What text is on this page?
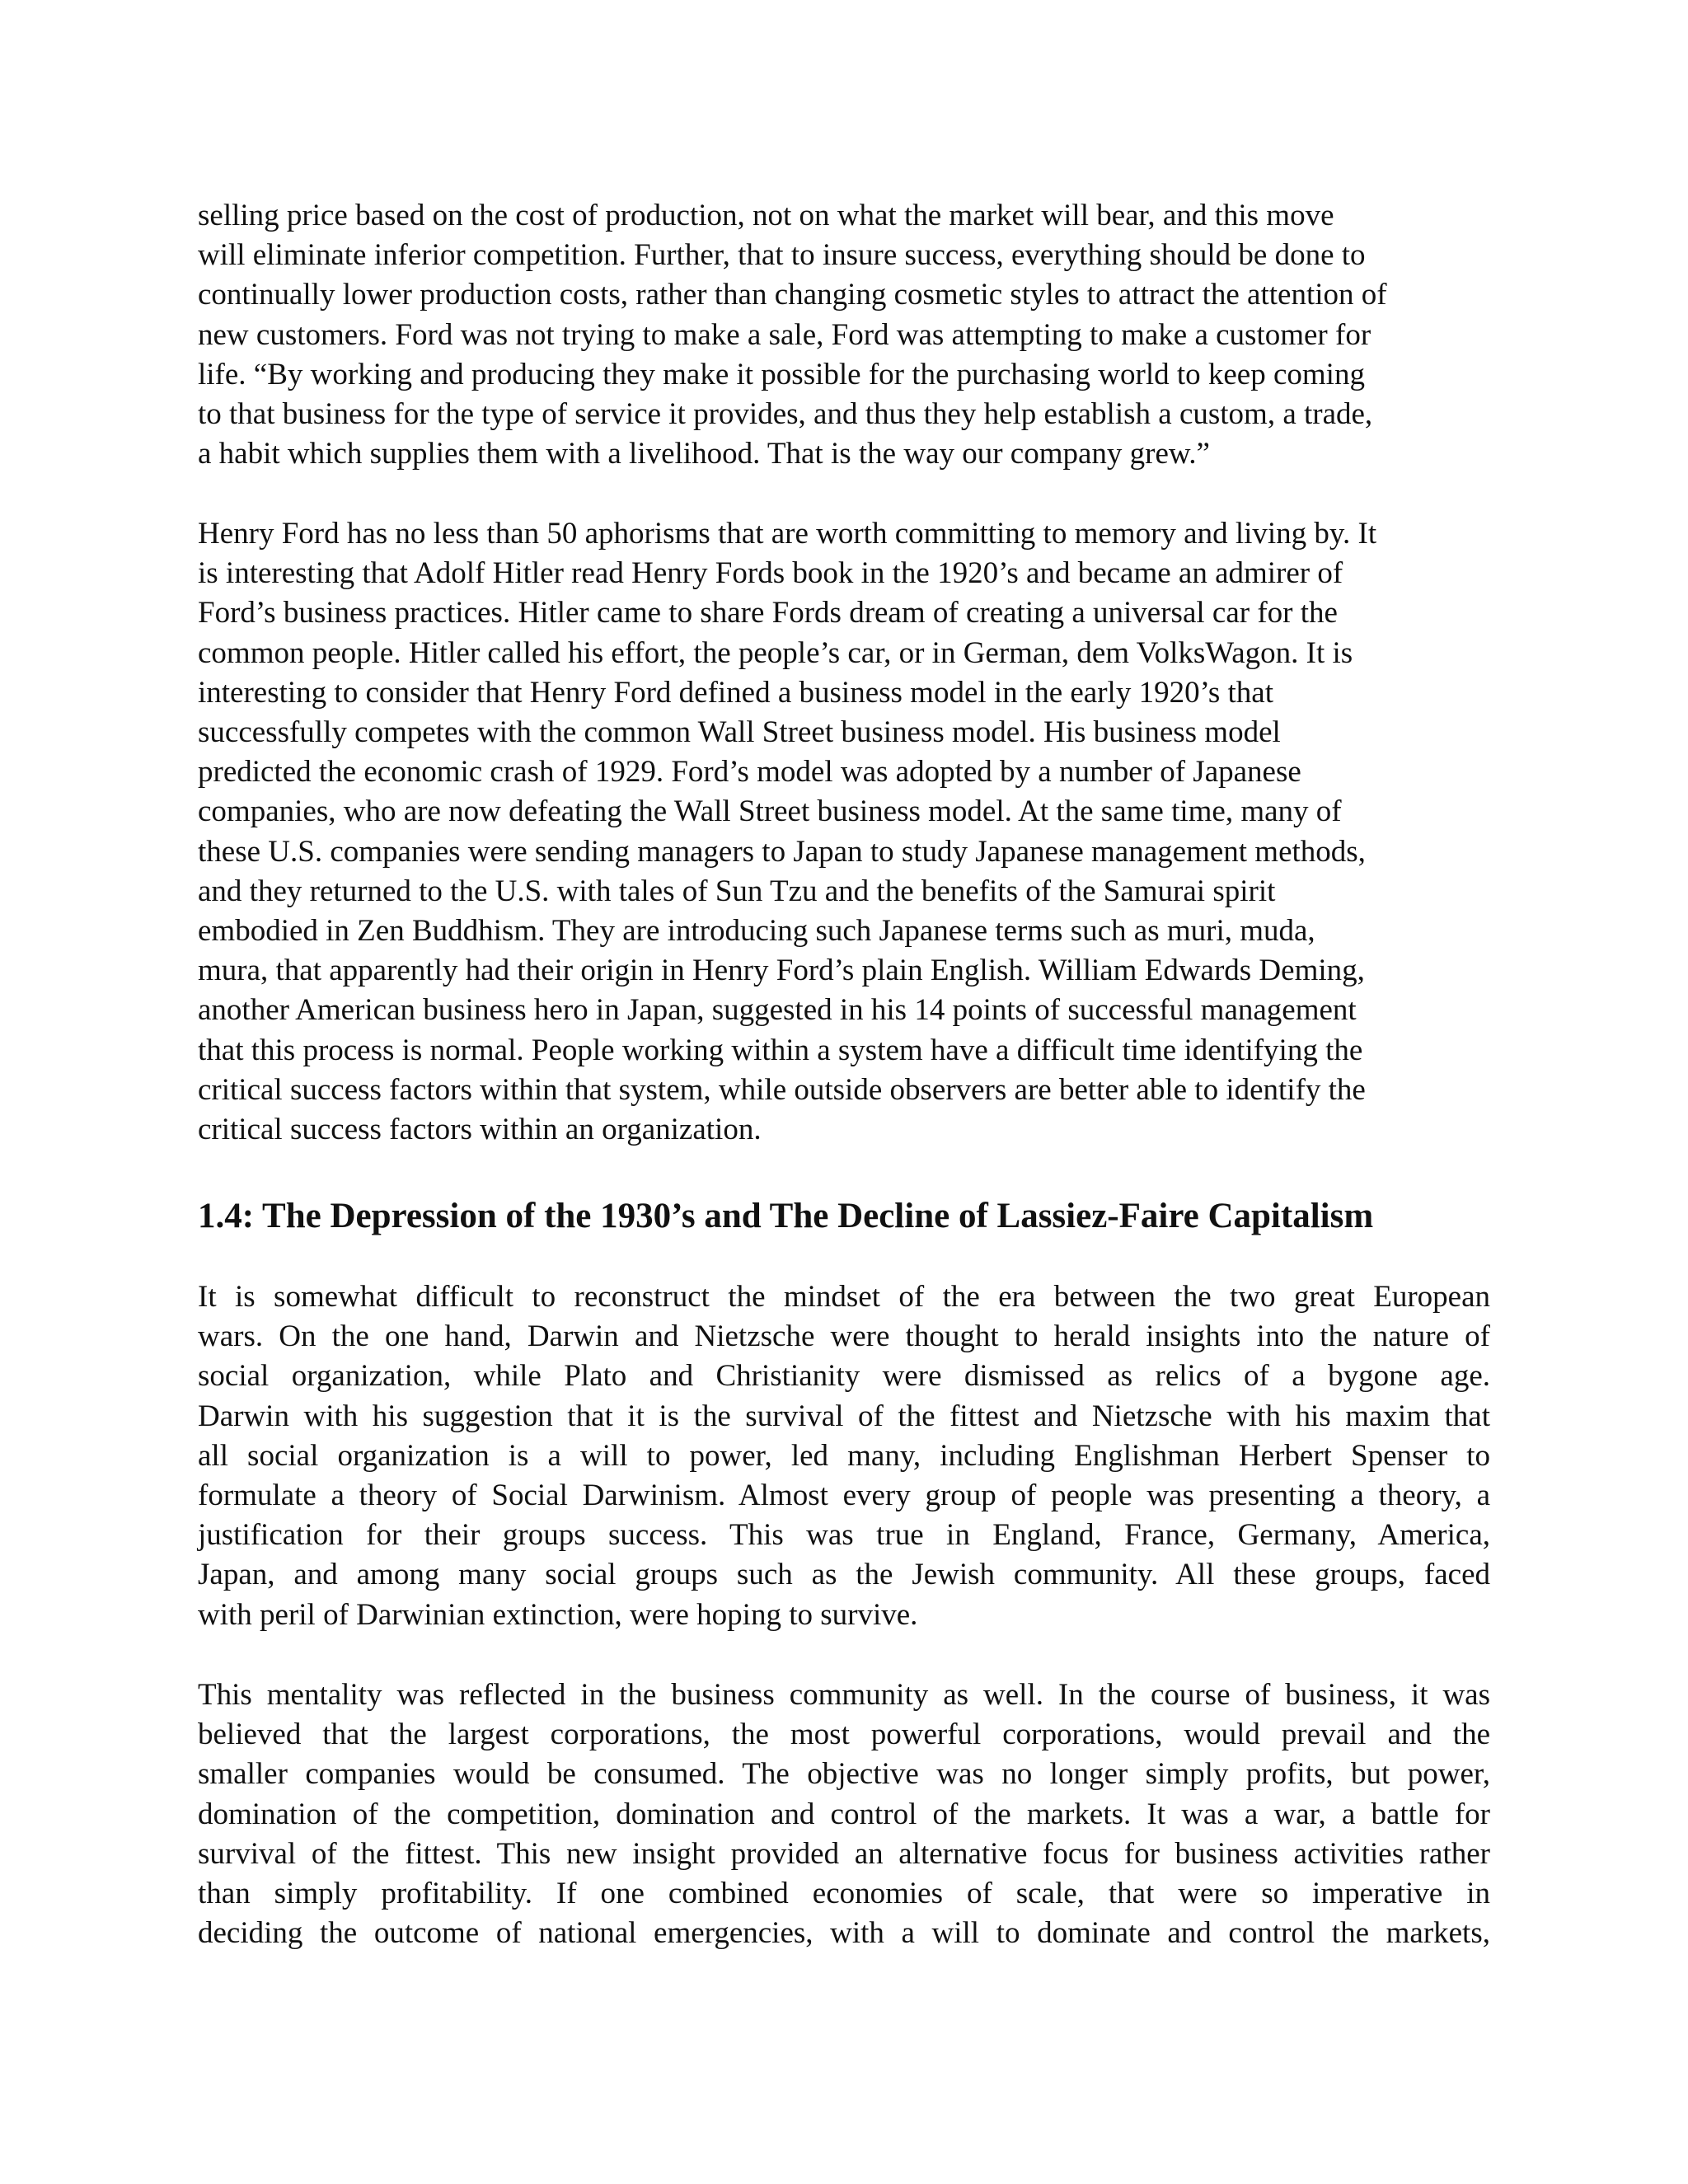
selling price based on the cost of production, not on what the market will bear, and this move
will eliminate inferior competition. Further, that to insure success, everything should be done to
continually lower production costs, rather than changing cosmetic styles to attract the attention of
new customers. Ford was not trying to make a sale, Ford was attempting to make a customer for
life. “By working and producing they make it possible for the purchasing world to keep coming
to that business for the type of service it provides, and thus they help establish a custom, a trade,
a habit which supplies them with a livelihood. That is the way our company grew.”
Henry Ford has no less than 50 aphorisms that are worth committing to memory and living by. It
is interesting that Adolf Hitler read Henry Fords book in the 1920’s and became an admirer of
Ford’s business practices. Hitler came to share Fords dream of creating a universal car for the
common people. Hitler called his effort, the people’s car, or in German, dem VolksWagon. It is
interesting to consider that Henry Ford defined a business model in the early 1920’s that
successfully competes with the common Wall Street business model. His business model
predicted the economic crash of 1929. Ford’s model was adopted by a number of Japanese
companies, who are now defeating the Wall Street business model. At the same time, many of
these U.S. companies were sending managers to Japan to study Japanese management methods,
and they returned to the U.S. with tales of Sun Tzu and the benefits of the Samurai spirit
embodied in Zen Buddhism. They are introducing such Japanese terms such as muri, muda,
mura, that apparently had their origin in Henry Ford’s plain English. William Edwards Deming,
another American business hero in Japan, suggested in his 14 points of successful management
that this process is normal. People working within a system have a difficult time identifying the
critical success factors within that system, while outside observers are better able to identify the
critical success factors within an organization.
1.4: The Depression of the 1930’s and The Decline of Lassiez-Faire Capitalism
It is somewhat difficult to reconstruct the mindset of the era between the two great European
wars. On the one hand, Darwin and Nietzsche were thought to herald insights into the nature of
social organization, while Plato and Christianity were dismissed as relics of a bygone age.
Darwin with his suggestion that it is the survival of the fittest and Nietzsche with his maxim that
all social organization is a will to power, led many, including Englishman Herbert Spenser to
formulate a theory of Social Darwinism. Almost every group of people was presenting a theory, a
justification for their groups success. This was true in England, France, Germany, America,
Japan, and among many social groups such as the Jewish community. All these groups, faced
with peril of Darwinian extinction, were hoping to survive.
This mentality was reflected in the business community as well. In the course of business, it was
believed that the largest corporations, the most powerful corporations, would prevail and the
smaller companies would be consumed. The objective was no longer simply profits, but power,
domination of the competition, domination and control of the markets. It was a war, a battle for
survival of the fittest. This new insight provided an alternative focus for business activities rather
than simply profitability. If one combined economies of scale, that were so imperative in
deciding the outcome of national emergencies, with a will to dominate and control the markets,
